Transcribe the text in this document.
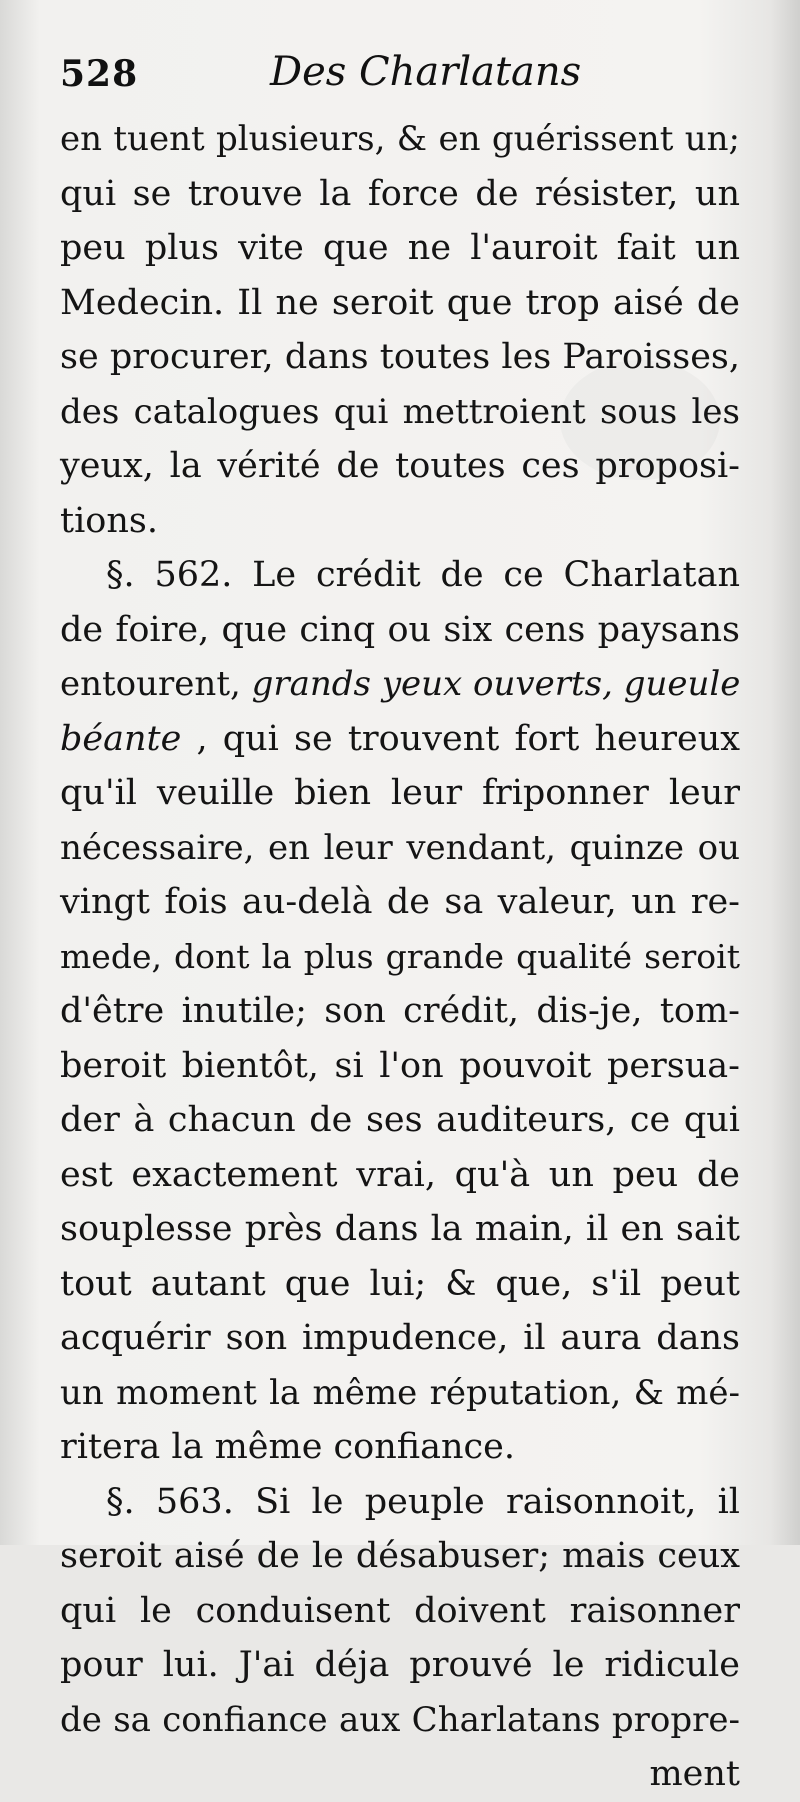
528	Des Charlatans
en tuent plusieurs, & en guérissent un;
qui se trouve la force de résister, un
peu plus vite que ne l'auroit fait un
Medecin. Il ne seroit que trop aisé de
se procurer, dans toutes les Paroisses,
des catalogues qui mettroient sous les
yeux, la vérité de toutes ces proposi-
tions.
§. 562. Le crédit de ce Charlatan
de foire, que cinq ou six cens paysans
entourent, grands yeux ouverts, gueule
béante , qui se trouvent fort heureux
qu'il veuille bien leur friponner leur
nécessaire, en leur vendant, quinze ou
vingt fois au-delà de sa valeur, un re-
mede, dont la plus grande qualité seroit
d'être inutile; son crédit, dis-je, tom-
beroit bientôt, si l'on pouvoit persua-
der à chacun de ses auditeurs, ce qui
est exactement vrai, qu'à un peu de
souplesse près dans la main, il en sait
tout autant que lui; & que, s'il peut
acquérir son impudence, il aura dans
un moment la même réputation, & mé-
ritera la même confiance.
§. 563. Si le peuple raisonnoit, il
seroit aisé de le désabuser; mais ceux
qui le conduisent doivent raisonner
pour lui. J'ai déja prouvé le ridicule
de sa confiance aux Charlatans propre-
ment
